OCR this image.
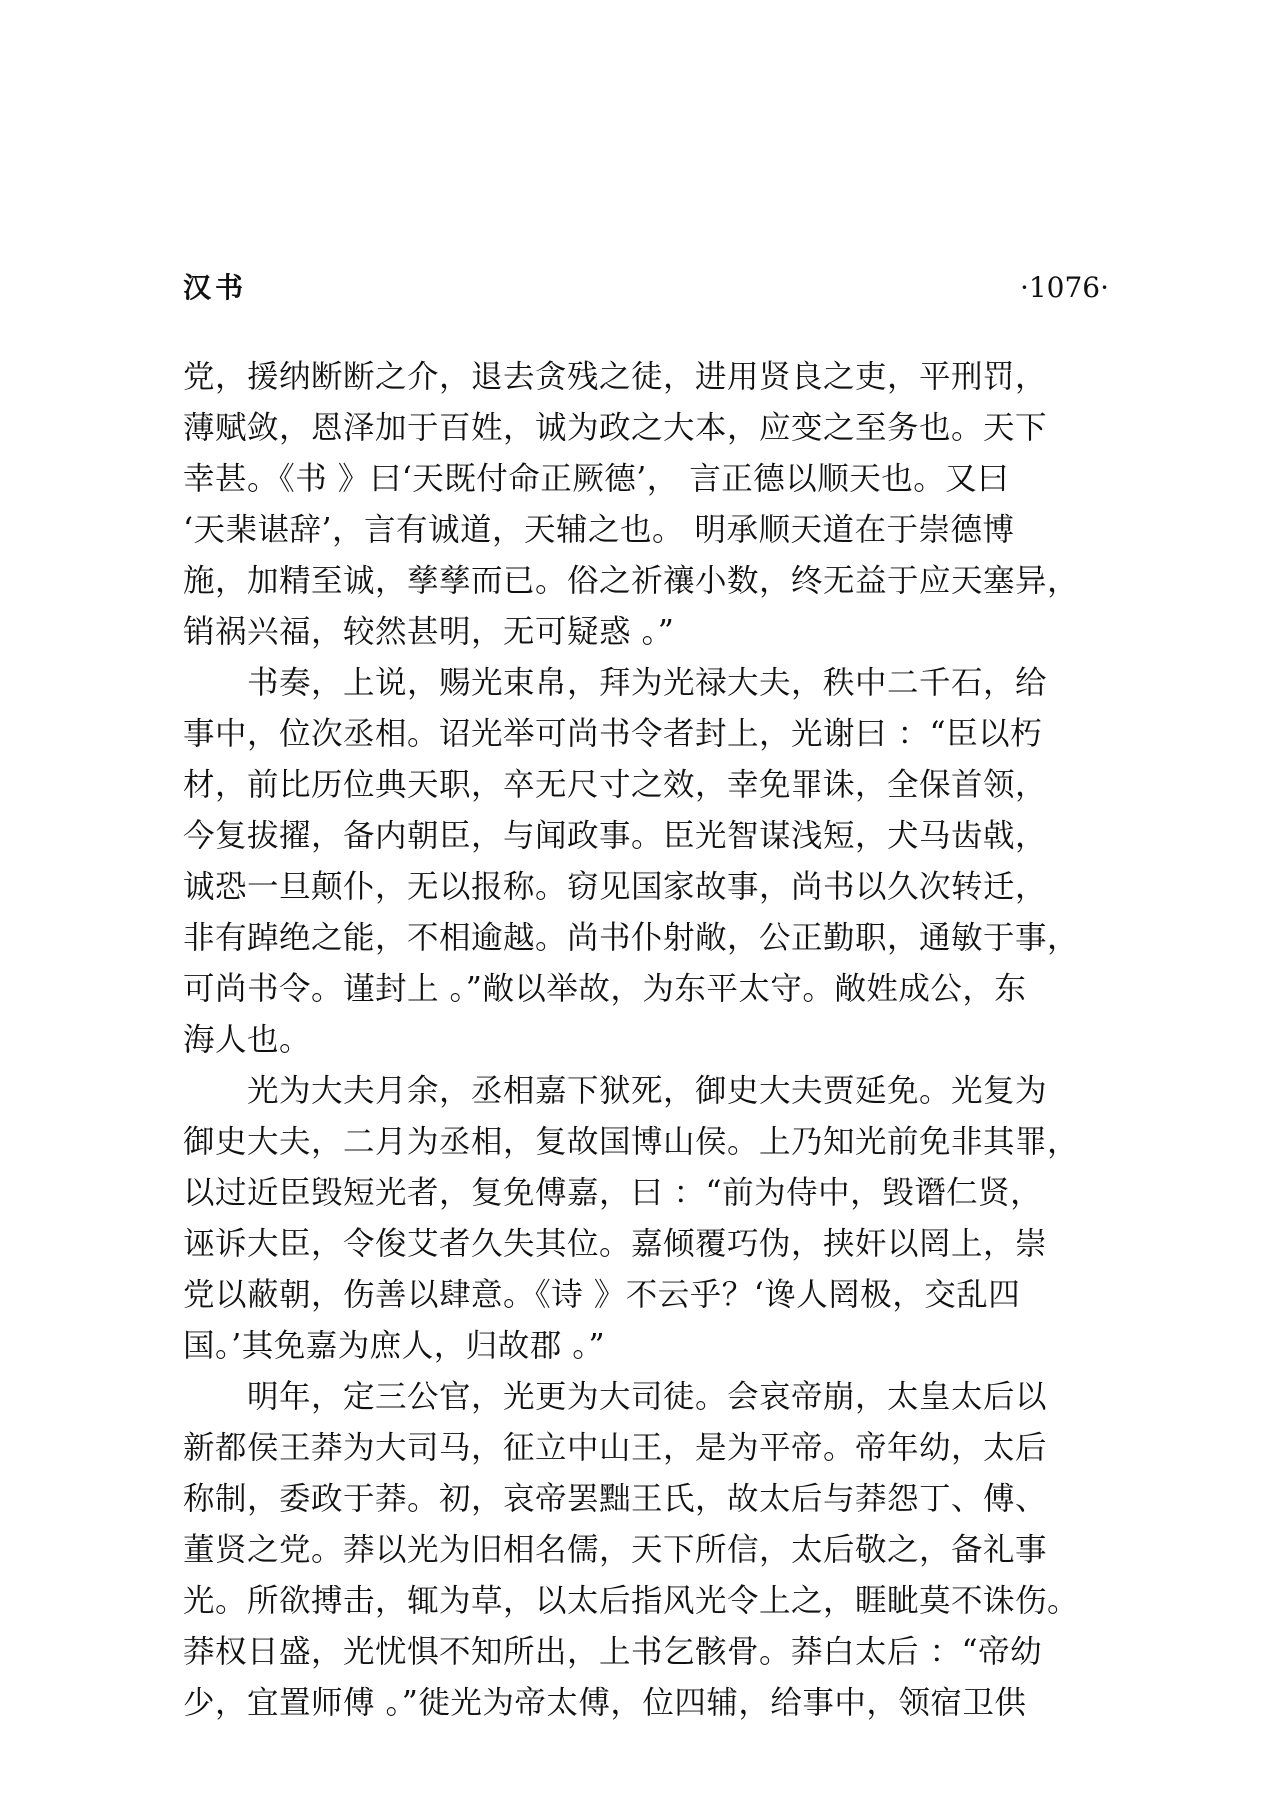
汉书	·1076·
党，援纳断断之介，退去贪残之徒，进用贤良之吏，平刑罚，
薄赋敛，恩泽加于百姓，诚为政之大本，应变之至务也。天下
幸甚。《书 》曰‘天既付命正厥德’， 言正德以顺天也。又曰
‘天棐谌辞’，言有诚道，天辅之也。 明承顺天道在于崇德博
施，加精至诚，孳孳而已。俗之祈禳小数，终无益于应天塞异，
销祸兴福，较然甚明，无可疑惑 。”
　　书奏，上说，赐光束帛，拜为光禄大夫，秩中二千石，给
事中，位次丞相。诏光举可尚书令者封上，光谢曰 ：“臣以朽
材，前比历位典天职，卒无尺寸之效，幸免罪诛，全保首领，
今复拔擢，备内朝臣，与闻政事。臣光智谋浅短，犬马齿㦸，
诚恐一旦颠仆，无以报称。窃见国家故事，尚书以久次转迁，
非有踔绝之能，不相逾越。尚书仆射敞，公正勤职，通敏于事，
可尚书令。谨封上 。”敞以举故，为东平太守。敞姓成公，东
海人也。
　　光为大夫月余，丞相嘉下狱死，御史大夫贾延免。光复为
御史大夫，二月为丞相，复故国博山侯。上乃知光前免非其罪，
以过近臣毁短光者，复免傅嘉，曰 ：“前为侍中，毁谮仁贤，
诬诉大臣，令俊艾者久失其位。嘉倾覆巧伪，挟奸以罔上，崇
党以蔽朝，伤善以肆意。《诗 》不云乎？‘谗人罔极，交乱四
国。’其免嘉为庶人，归故郡 。”
　　明年，定三公官，光更为大司徒。会哀帝崩，太皇太后以
新都侯王莽为大司马，征立中山王，是为平帝。帝年幼，太后
称制，委政于莽。初，哀帝罢黜王氏，故太后与莽怨丁、傅、
董贤之党。莽以光为旧相名儒，天下所信，太后敬之，备礼事
光。所欲搏击，辄为草，以太后指风光令上之，睚眦莫不诛伤。
莽权日盛，光忧惧不知所出，上书乞骸骨。莽白太后 ：“帝幼
少，宜置师傅 。”徙光为帝太傅，位四辅，给事中，领宿卫供
